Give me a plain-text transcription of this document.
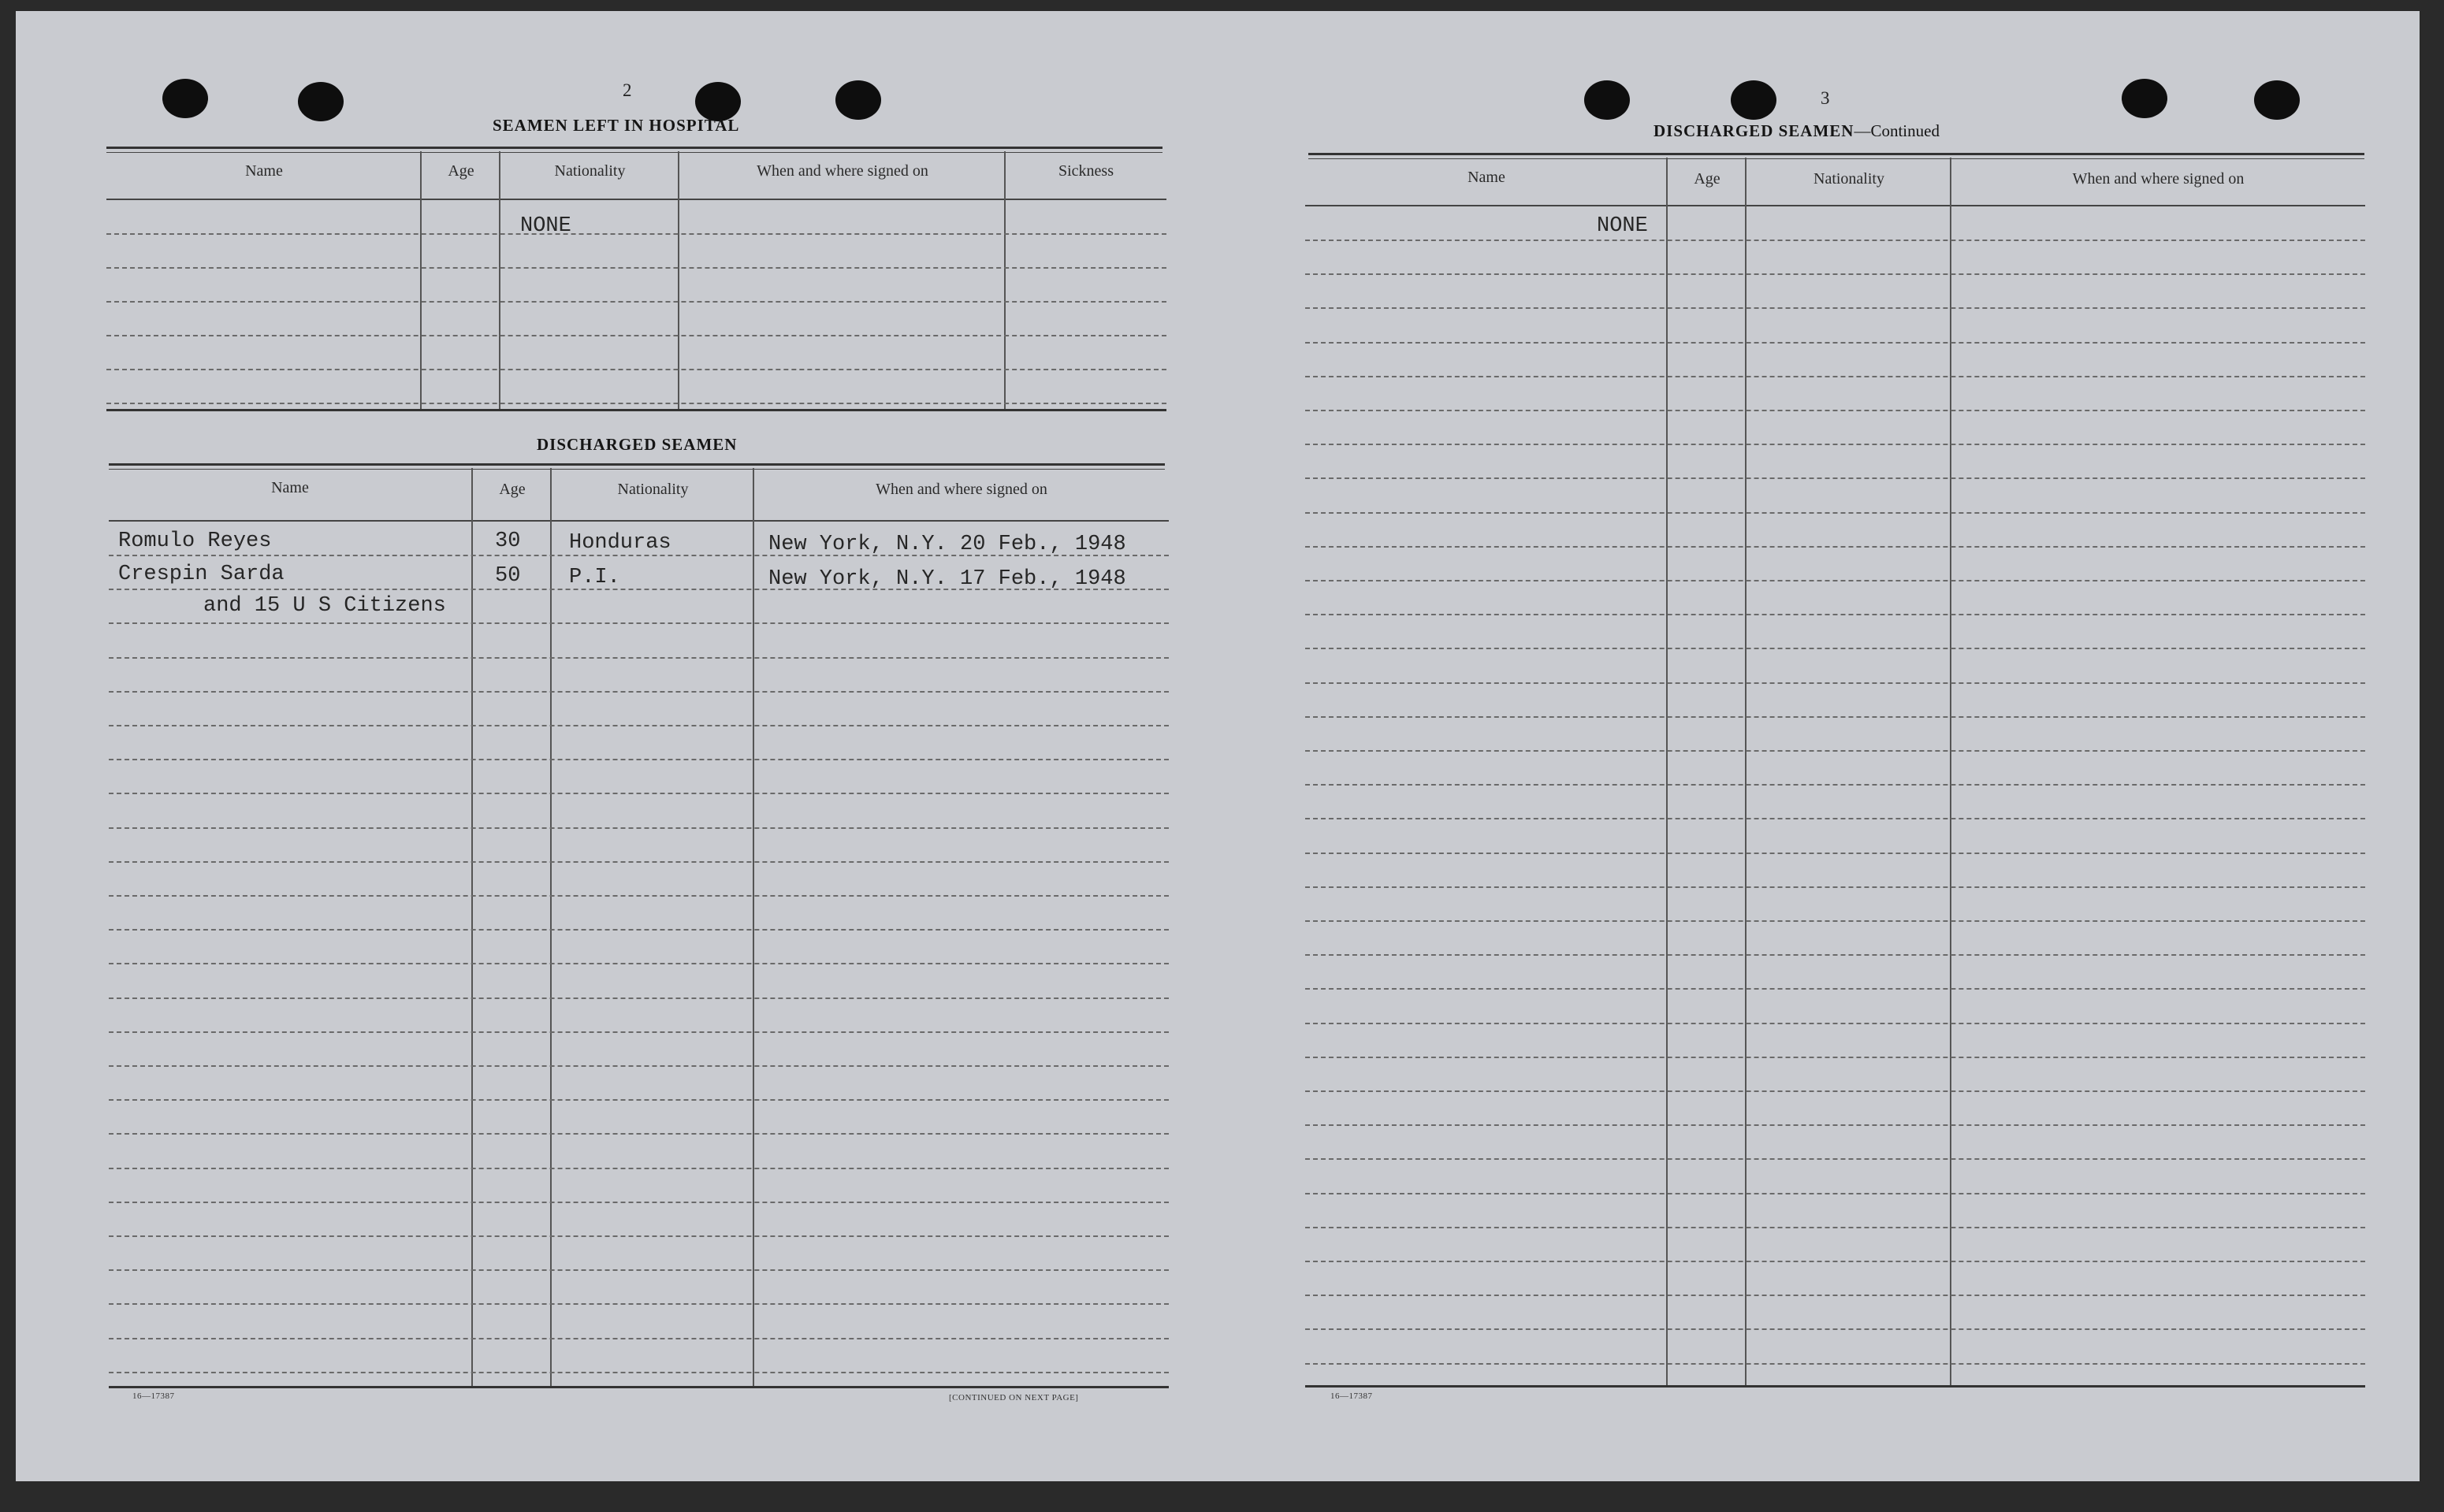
2
SEAMEN LEFT IN HOSPITAL
Name	Age	Nationality	When and where signed on	Sickness
NONE
DISCHARGED SEAMEN
Name	Age	Nationality	When and where signed on
Romulo Reyes	30 Honduras	New York, N.Y. 20 Feb., 1948
Crespin Sarda	50 P.I.	New York, N.Y. 17 Feb., 1948
and 15 U S Citizens
16—17387	[CONTINUED ON NEXT PAGE]
3
DISCHARGED SEAMEN—Continued
Name	Age	Nationality	When and where signed on
NONE
16—17387
